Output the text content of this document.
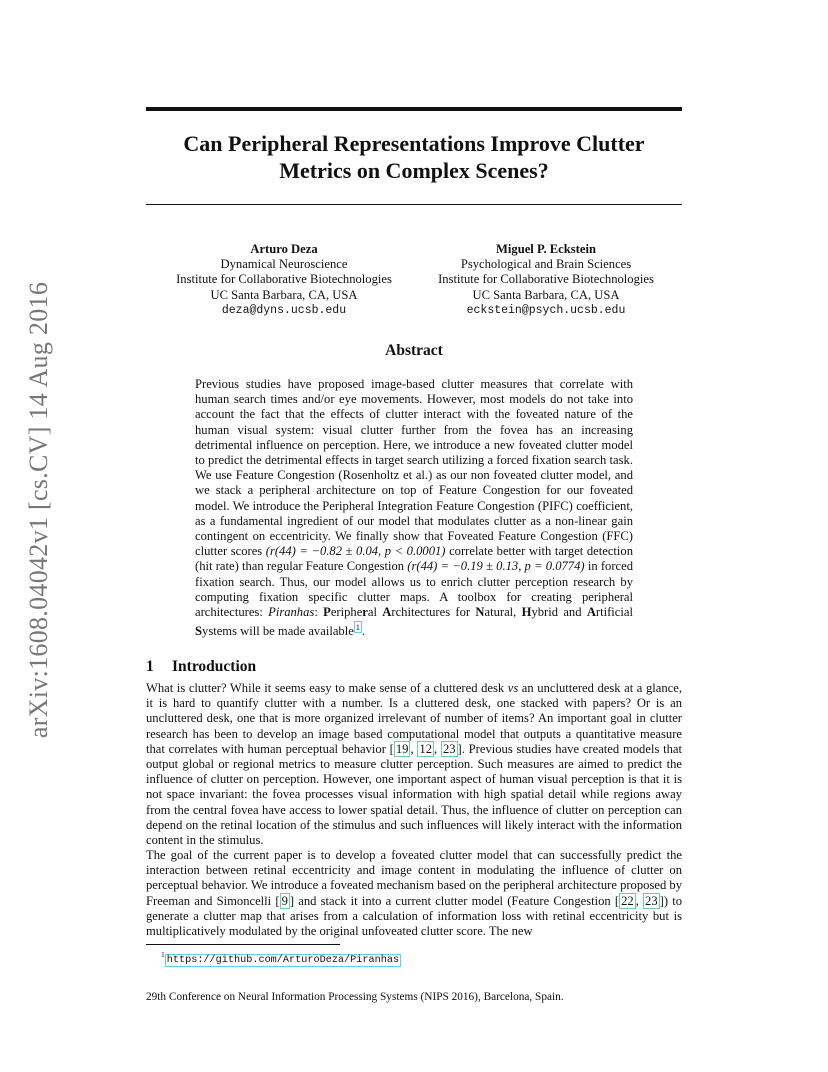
arXiv:1608.04042v1 [cs.CV] 14 Aug 2016
Can Peripheral Representations Improve Clutter Metrics on Complex Scenes?
Arturo Deza
Dynamical Neuroscience
Institute for Collaborative Biotechnologies
UC Santa Barbara, CA, USA
deza@dyns.ucsb.edu
Miguel P. Eckstein
Psychological and Brain Sciences
Institute for Collaborative Biotechnologies
UC Santa Barbara, CA, USA
eckstein@psych.ucsb.edu
Abstract

Previous studies have proposed image-based clutter measures that correlate with human search times and/or eye movements. However, most models do not take into account the fact that the effects of clutter interact with the foveated nature of the human visual system: visual clutter further from the fovea has an increasing detrimental influence on perception. Here, we introduce a new foveated clutter model to predict the detrimental effects in target search utilizing a forced fixation search task. We use Feature Congestion (Rosenholtz et al.) as our non foveated clutter model, and we stack a peripheral architecture on top of Feature Congestion for our foveated model. We introduce the Peripheral Integration Feature Congestion (PIFC) coefficient, as a fundamental ingredient of our model that modulates clutter as a non-linear gain contingent on eccentricity. We finally show that Foveated Feature Congestion (FFC) clutter scores (r(44) = −0.82 ± 0.04, p < 0.0001) correlate better with target detection (hit rate) than regular Feature Congestion (r(44) = −0.19 ± 0.13, p = 0.0774) in forced fixation search. Thus, our model allows us to enrich clutter perception research by computing fixation specific clutter maps. A toolbox for creating peripheral architectures: Piranhas: Peripheral Architectures for Natural, Hybrid and Artificial Systems will be made available $^1$ .

1 Introduction

What is clutter? While it seems easy to make sense of a cluttered desk vs an uncluttered desk at a glance, it is hard to quantify clutter with a number. Is a cluttered desk, one stacked with papers? Or is an uncluttered desk, one that is more organized irrelevant of number of items? An important goal in clutter research has been to develop an image based computational model that outputs a quantitative measure that correlates with human perceptual behavior [ 19 , 12 , 23 ]. Previous studies have created models that output global or regional metrics to measure clutter perception. Such measures are aimed to predict the influence of clutter on perception. However, one important aspect of human visual perception is that it is not space invariant: the fovea processes visual information with high spatial detail while regions away from the central fovea have access to lower spatial detail. Thus, the influence of clutter on perception can depend on the retinal location of the stimulus and such influences will likely interact with the information content in the stimulus.

The goal of the current paper is to develop a foveated clutter model that can successfully predict the interaction between retinal eccentricity and image content in modulating the influence of clutter on perceptual behavior. We introduce a foveated mechanism based on the peripheral architecture proposed by Freeman and Simoncelli [ 9 ] and stack it into a current clutter model (Feature Congestion [ 22 , 23 ]) to generate a clutter map that arises from a calculation of information loss with retinal eccentricity but is multiplicatively modulated by the original unfoveated clutter score. The new

$^1$ https://github.com/ArturoDeza/Piranhas
29th Conference on Neural Information Processing Systems (NIPS 2016), Barcelona, Spain.
